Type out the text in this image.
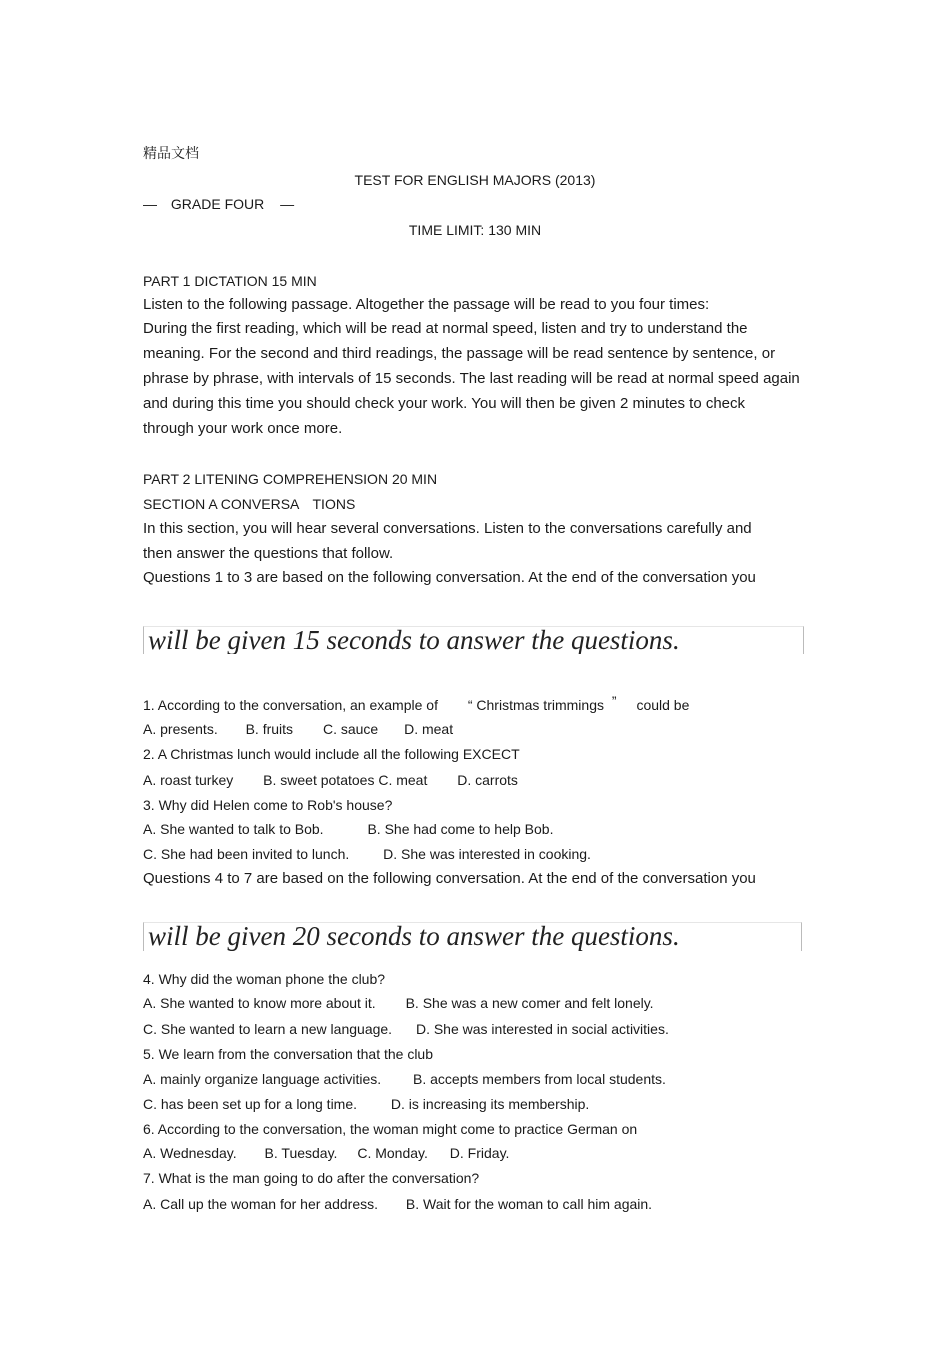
精品文档
TEST FOR ENGLISH MAJORS (2013)
— GRADE FOUR —
TIME LIMIT: 130 MIN
PART 1 DICTATION 15 MIN
Listen to the following passage. Altogether the passage will be read to you four times:
During the first reading, which will be read at normal speed, listen and try to understand the
meaning. For the second and third readings, the passage will be read sentence by sentence, or
phrase by phrase, with intervals of 15 seconds. The last reading will be read at normal speed again
and during this time you should check your work. You will then be given 2 minutes to check
through your work once more.
PART 2 LITENING COMPREHENSION 20 MIN
SECTION A CONVERSA TIONS
In this section, you will hear several conversations. Listen to the conversations carefully and
then answer the questions that follow.
Questions 1 to 3 are based on the following conversation. At the end of the conversation you
will be given 15 seconds to answer the questions.
1. According to the conversation, an example of “ Christmas trimmings ” could be
A. presents. B. fruits C. sauce D. meat
2. A Christmas lunch would include all the following EXCECT
A. roast turkey B. sweet potatoes C. meat D. carrots
3. Why did Helen come to Rob's house?
A. She wanted to talk to Bob.	B. She had come to help Bob.
C. She had been invited to lunch. D. She was interested in cooking.
Questions 4 to 7 are based on the following conversation. At the end of the conversation you
will be given 20 seconds to answer the questions.
4. Why did the woman phone the club?
A. She wanted to know more about it. B. She was a new comer and felt lonely.
C. She wanted to learn a new language. D. She was interested in social activities.
5. We learn from the conversation that the club
A. mainly organize language activities. B. accepts members from local students.
C. has been set up for a long time. D. is increasing its membership.
6. According to the conversation, the woman might come to practice German on
A. Wednesday. B. Tuesday. C. Monday. D. Friday.
7. What is the man going to do after the conversation?
A. Call up the woman for her address. B. Wait for the woman to call him again.
